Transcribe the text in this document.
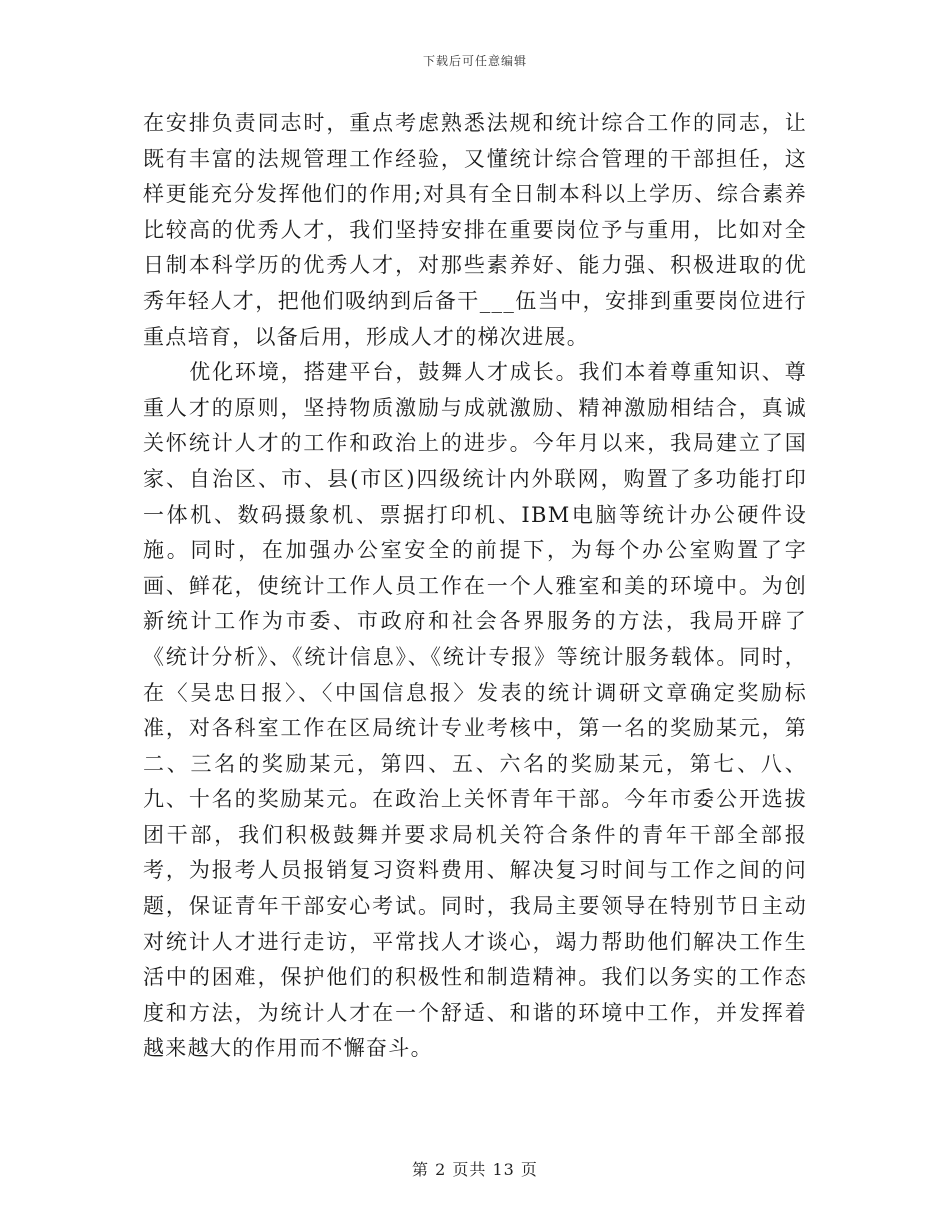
下载后可任意编辑

在安排负责同志时，重点考虑熟悉法规和统计综合工作的同志，让既有丰富的法规管理工作经验，又懂统计综合管理的干部担任，这样更能充分发挥他们的作用;对具有全日制本科以上学历、综合素养比较高的优秀人才，我们坚持安排在重要岗位予与重用，比如对全日制本科学历的优秀人才，对那些素养好、能力强、积极进取的优秀年轻人才，把他们吸纳到后备干___伍当中，安排到重要岗位进行重点培育，以备后用，形成人才的梯次进展。

优化环境，搭建平台，鼓舞人才成长。我们本着尊重知识、尊重人才的原则，坚持物质激励与成就激励、精神激励相结合，真诚关怀统计人才的工作和政治上的进步。今年月以来，我局建立了国家、自治区、市、县(市区)四级统计内外联网，购置了多功能打印一体机、数码摄象机、票据打印机、IBM电脑等统计办公硬件设施。同时，在加强办公室安全的前提下，为每个办公室购置了字画、鲜花，使统计工作人员工作在一个人雅室和美的环境中。为创新统计工作为市委、市政府和社会各界服务的方法，我局开辟了《统计分析》、《统计信息》、《统计专报》等统计服务载体。同时，在〈吴忠日报〉、〈中国信息报〉发表的统计调研文章确定奖励标准，对各科室工作在区局统计专业考核中，第一名的奖励某元，第二、三名的奖励某元，第四、五、六名的奖励某元，第七、八、九、十名的奖励某元。在政治上关怀青年干部。今年市委公开选拔团干部，我们积极鼓舞并要求局机关符合条件的青年干部全部报考，为报考人员报销复习资料费用、解决复习时间与工作之间的问题，保证青年干部安心考试。同时，我局主要领导在特别节日主动对统计人才进行走访，平常找人才谈心，竭力帮助他们解决工作生活中的困难，保护他们的积极性和制造精神。我们以务实的工作态度和方法，为统计人才在一个舒适、和谐的环境中工作，并发挥着越来越大的作用而不懈奋斗。

第 2 页共 13 页
